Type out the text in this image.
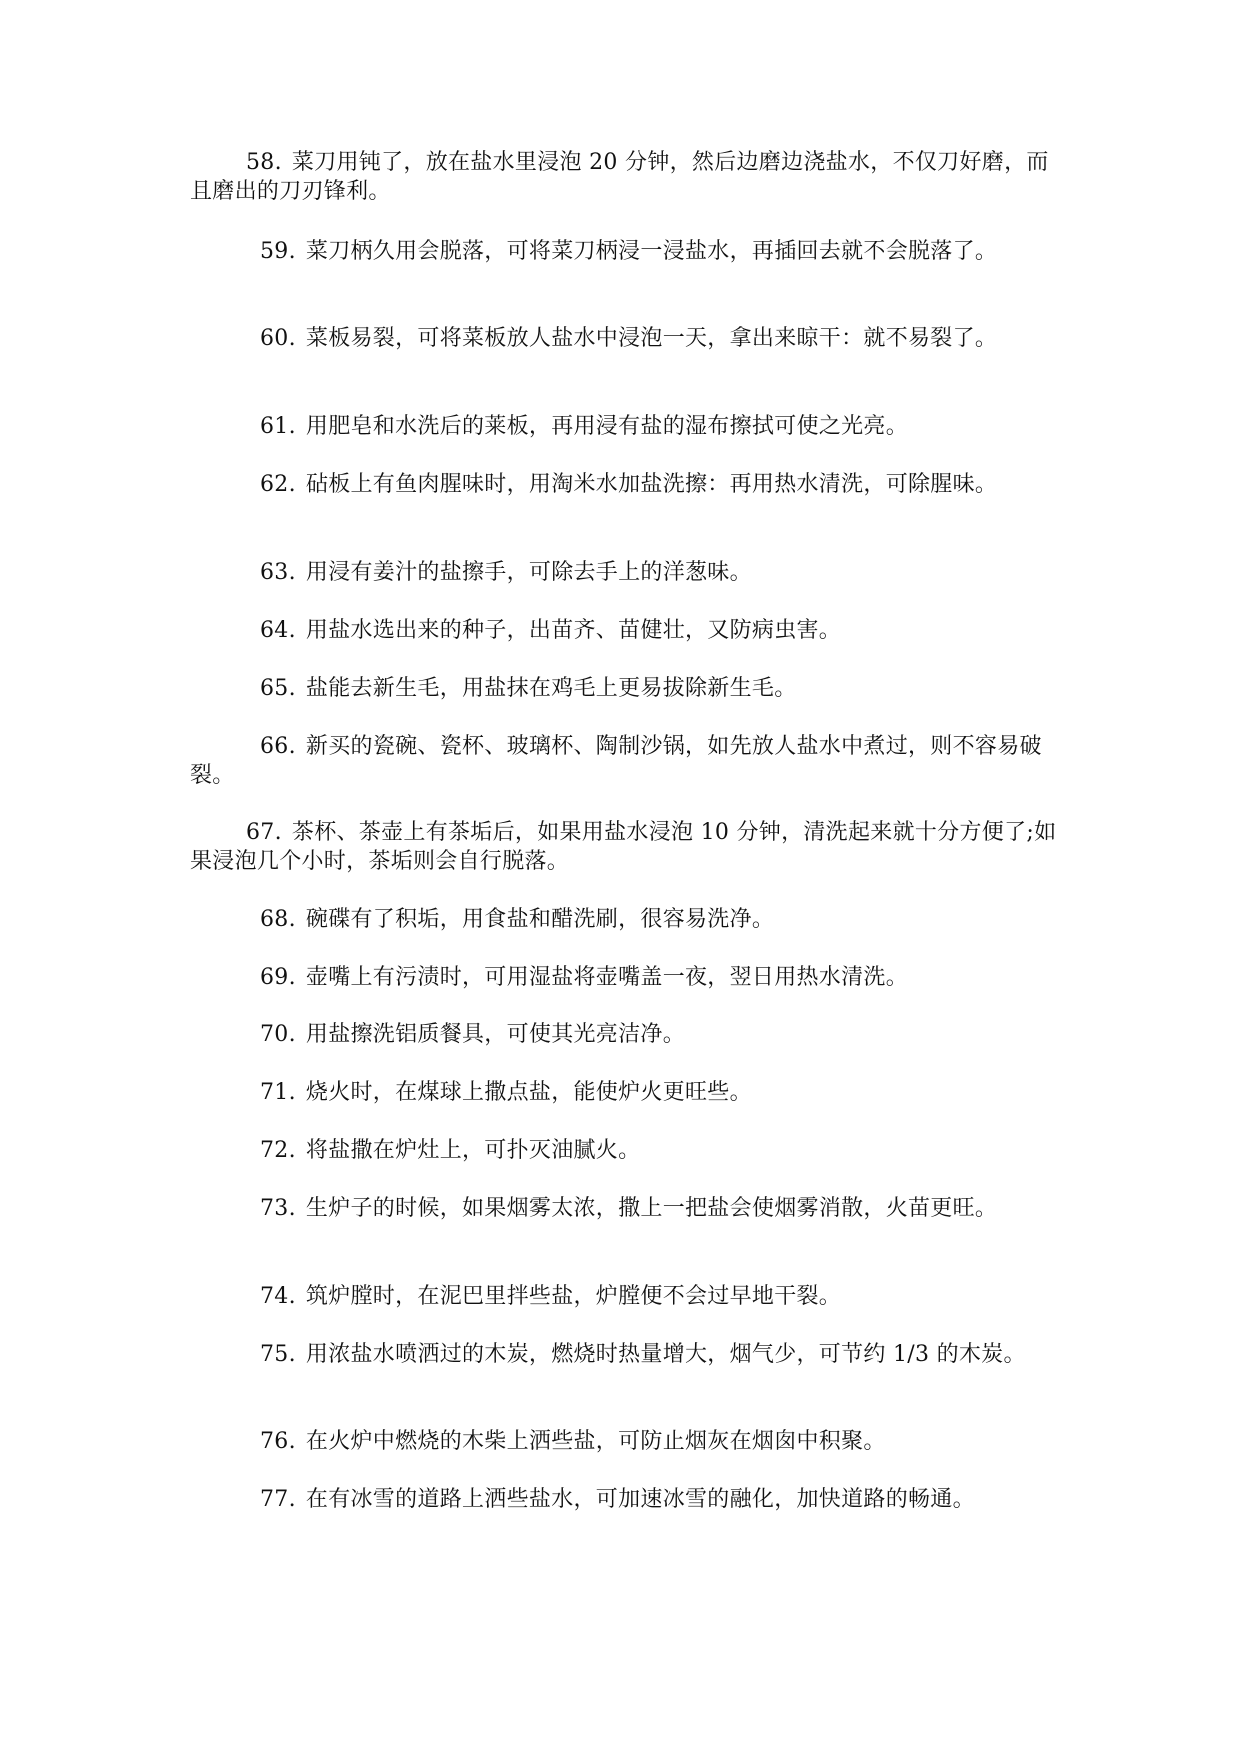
58. 菜刀用钝了，放在盐水里浸泡 20 分钟，然后边磨边浇盐水，不仅刀好磨，而且磨出的刀刃锋利。

59. 菜刀柄久用会脱落，可将菜刀柄浸一浸盐水，再插回去就不会脱落了。

60. 菜板易裂，可将菜板放人盐水中浸泡一天，拿出来晾干：就不易裂了。

61. 用肥皂和水洗后的莱板，再用浸有盐的湿布擦拭可使之光亮。

62. 砧板上有鱼肉腥味时，用淘米水加盐洗擦：再用热水清洗，可除腥味。

63. 用浸有姜汁的盐擦手，可除去手上的洋葱味。

64. 用盐水选出来的种子，出苗齐、苗健壮，又防病虫害。

65. 盐能去新生毛，用盐抹在鸡毛上更易拔除新生毛。

66. 新买的瓷碗、瓷杯、玻璃杯、陶制沙锅，如先放人盐水中煮过，则不容易破裂。

67. 茶杯、茶壶上有茶垢后，如果用盐水浸泡 10 分钟，清洗起来就十分方便了;如果浸泡几个小时，茶垢则会自行脱落。

68. 碗碟有了积垢，用食盐和醋洗刷，很容易洗净。

69. 壶嘴上有污渍时，可用湿盐将壶嘴盖一夜，翌日用热水清洗。

70. 用盐擦洗铝质餐具，可使其光亮洁净。

71. 烧火时，在煤球上撒点盐，能使炉火更旺些。

72. 将盐撒在炉灶上，可扑灭油腻火。

73. 生炉子的时候，如果烟雾太浓，撒上一把盐会使烟雾消散，火苗更旺。

74. 筑炉膛时，在泥巴里拌些盐，炉膛便不会过早地干裂。

75. 用浓盐水喷洒过的木炭，燃烧时热量增大，烟气少，可节约 1/3 的木炭。

76. 在火炉中燃烧的木柴上洒些盐，可防止烟灰在烟囱中积聚。

77. 在有冰雪的道路上洒些盐水，可加速冰雪的融化，加快道路的畅通。
